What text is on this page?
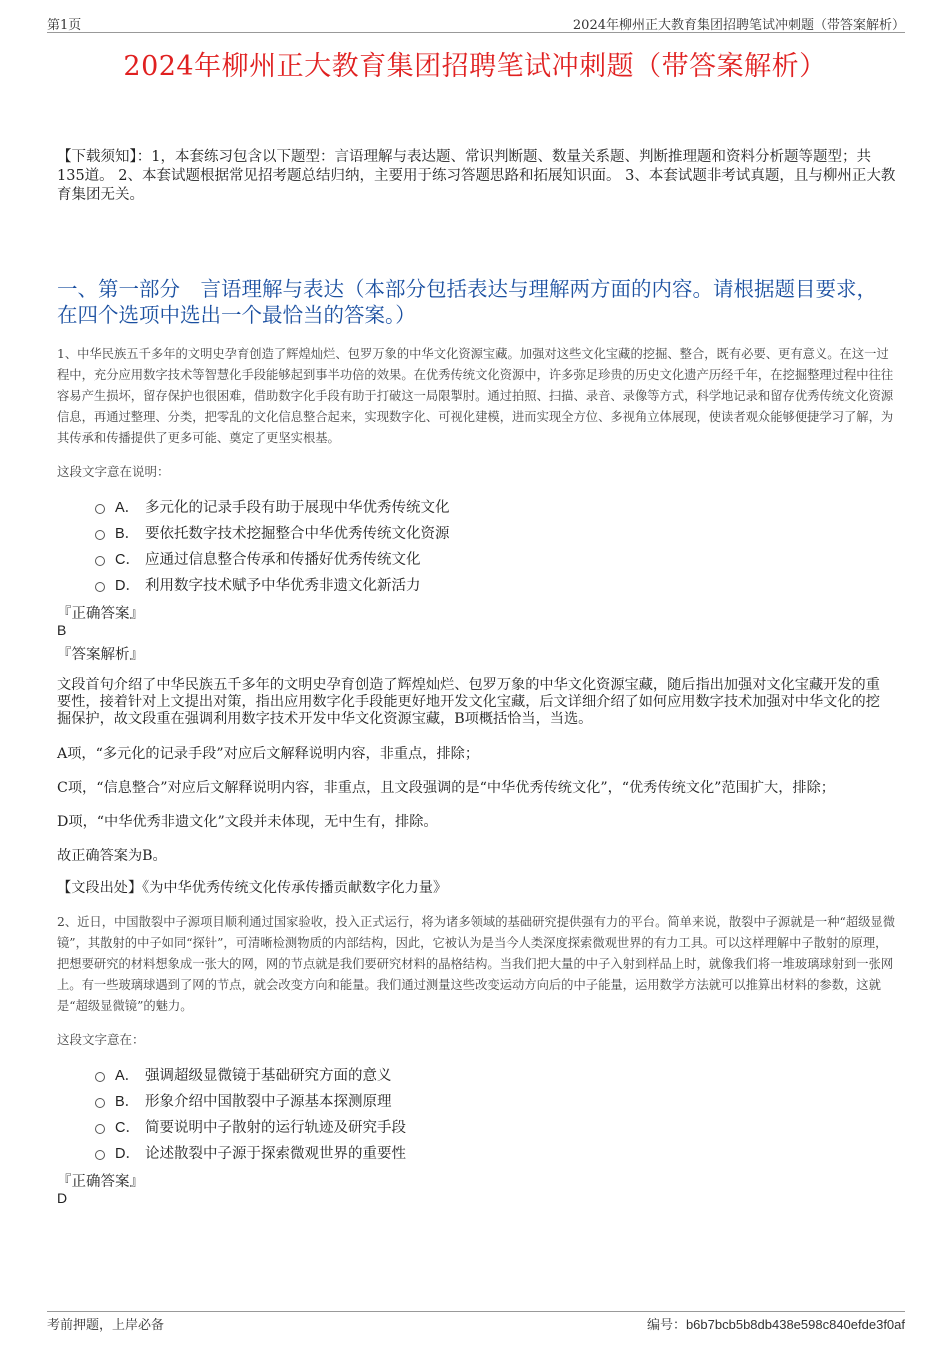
第1页	2024年柳州正大教育集团招聘笔试冲刺题（带答案解析）
2024年柳州正大教育集团招聘笔试冲刺题（带答案解析）
【下载须知】：1，本套练习包含以下题型：言语理解与表达题、常识判断题、数量关系题、判断推理题和资料分析题等题型；共135道。 2、本套试题根据常见招考题总结归纳，主要用于练习答题思路和拓展知识面。 3、本套试题非考试真题，且与柳州正大教育集团无关。
一、第一部分　言语理解与表达（本部分包括表达与理解两方面的内容。请根据题目要求，在四个选项中选出一个最恰当的答案。）
1、中华民族五千多年的文明史孕育创造了辉煌灿烂、包罗万象的中华文化资源宝藏。加强对这些文化宝藏的挖掘、整合，既有必要、更有意义。在这一过程中，充分应用数字技术等智慧化手段能够起到事半功倍的效果。在优秀传统文化资源中，许多弥足珍贵的历史文化遗产历经千年，在挖掘整理过程中往往容易产生损坏，留存保护也很困难，借助数字化手段有助于打破这一局限掣肘。通过拍照、扫描、录音、录像等方式，科学地记录和留存优秀传统文化资源信息，再通过整理、分类，把零乱的文化信息整合起来，实现数字化、可视化建模，进而实现全方位、多视角立体展现，使读者观众能够便捷学习了解，为其传承和传播提供了更多可能、奠定了更坚实根基。
这段文字意在说明：
A． 多元化的记录手段有助于展现中华优秀传统文化
B． 要依托数字技术挖掘整合中华优秀传统文化资源
C． 应通过信息整合传承和传播好优秀传统文化
D． 利用数字技术赋予中华优秀非遗文化新活力
『正确答案』
B
『答案解析』
文段首句介绍了中华民族五千多年的文明史孕育创造了辉煌灿烂、包罗万象的中华文化资源宝藏，随后指出加强对文化宝藏开发的重要性，接着针对上文提出对策，指出应用数字化手段能更好地开发文化宝藏，后文详细介绍了如何应用数字技术加强对中华文化的挖掘保护，故文段重在强调利用数字技术开发中华文化资源宝藏，B项概括恰当，当选。
A项，“多元化的记录手段”对应后文解释说明内容，非重点，排除；
C项，“信息整合”对应后文解释说明内容，非重点，且文段强调的是“中华优秀传统文化”，“优秀传统文化”范围扩大，排除；
D项，“中华优秀非遗文化”文段并未体现，无中生有，排除。
故正确答案为B。
【文段出处】《为中华优秀传统文化传承传播贡献数字化力量》
2、近日，中国散裂中子源项目顺利通过国家验收，投入正式运行，将为诸多领域的基础研究提供强有力的平台。简单来说，散裂中子源就是一种“超级显微镜”，其散射的中子如同“探针”，可清晰检测物质的内部结构，因此，它被认为是当今人类深度探索微观世界的有力工具。可以这样理解中子散射的原理，把想要研究的材料想象成一张大的网，网的节点就是我们要研究材料的晶格结构。当我们把大量的中子入射到样品上时，就像我们将一堆玻璃球射到一张网上。有一些玻璃球遇到了网的节点，就会改变方向和能量。我们通过测量这些改变运动方向后的中子能量，运用数学方法就可以推算出材料的参数，这就是“超级显微镜”的魅力。
这段文字意在：
A． 强调超级显微镜于基础研究方面的意义
B． 形象介绍中国散裂中子源基本探测原理
C． 简要说明中子散射的运行轨迹及研究手段
D． 论述散裂中子源于探索微观世界的重要性
『正确答案』
D
考前押题，上岸必备	编号：b6b7bcb5b8db438e598c840efde3f0af
